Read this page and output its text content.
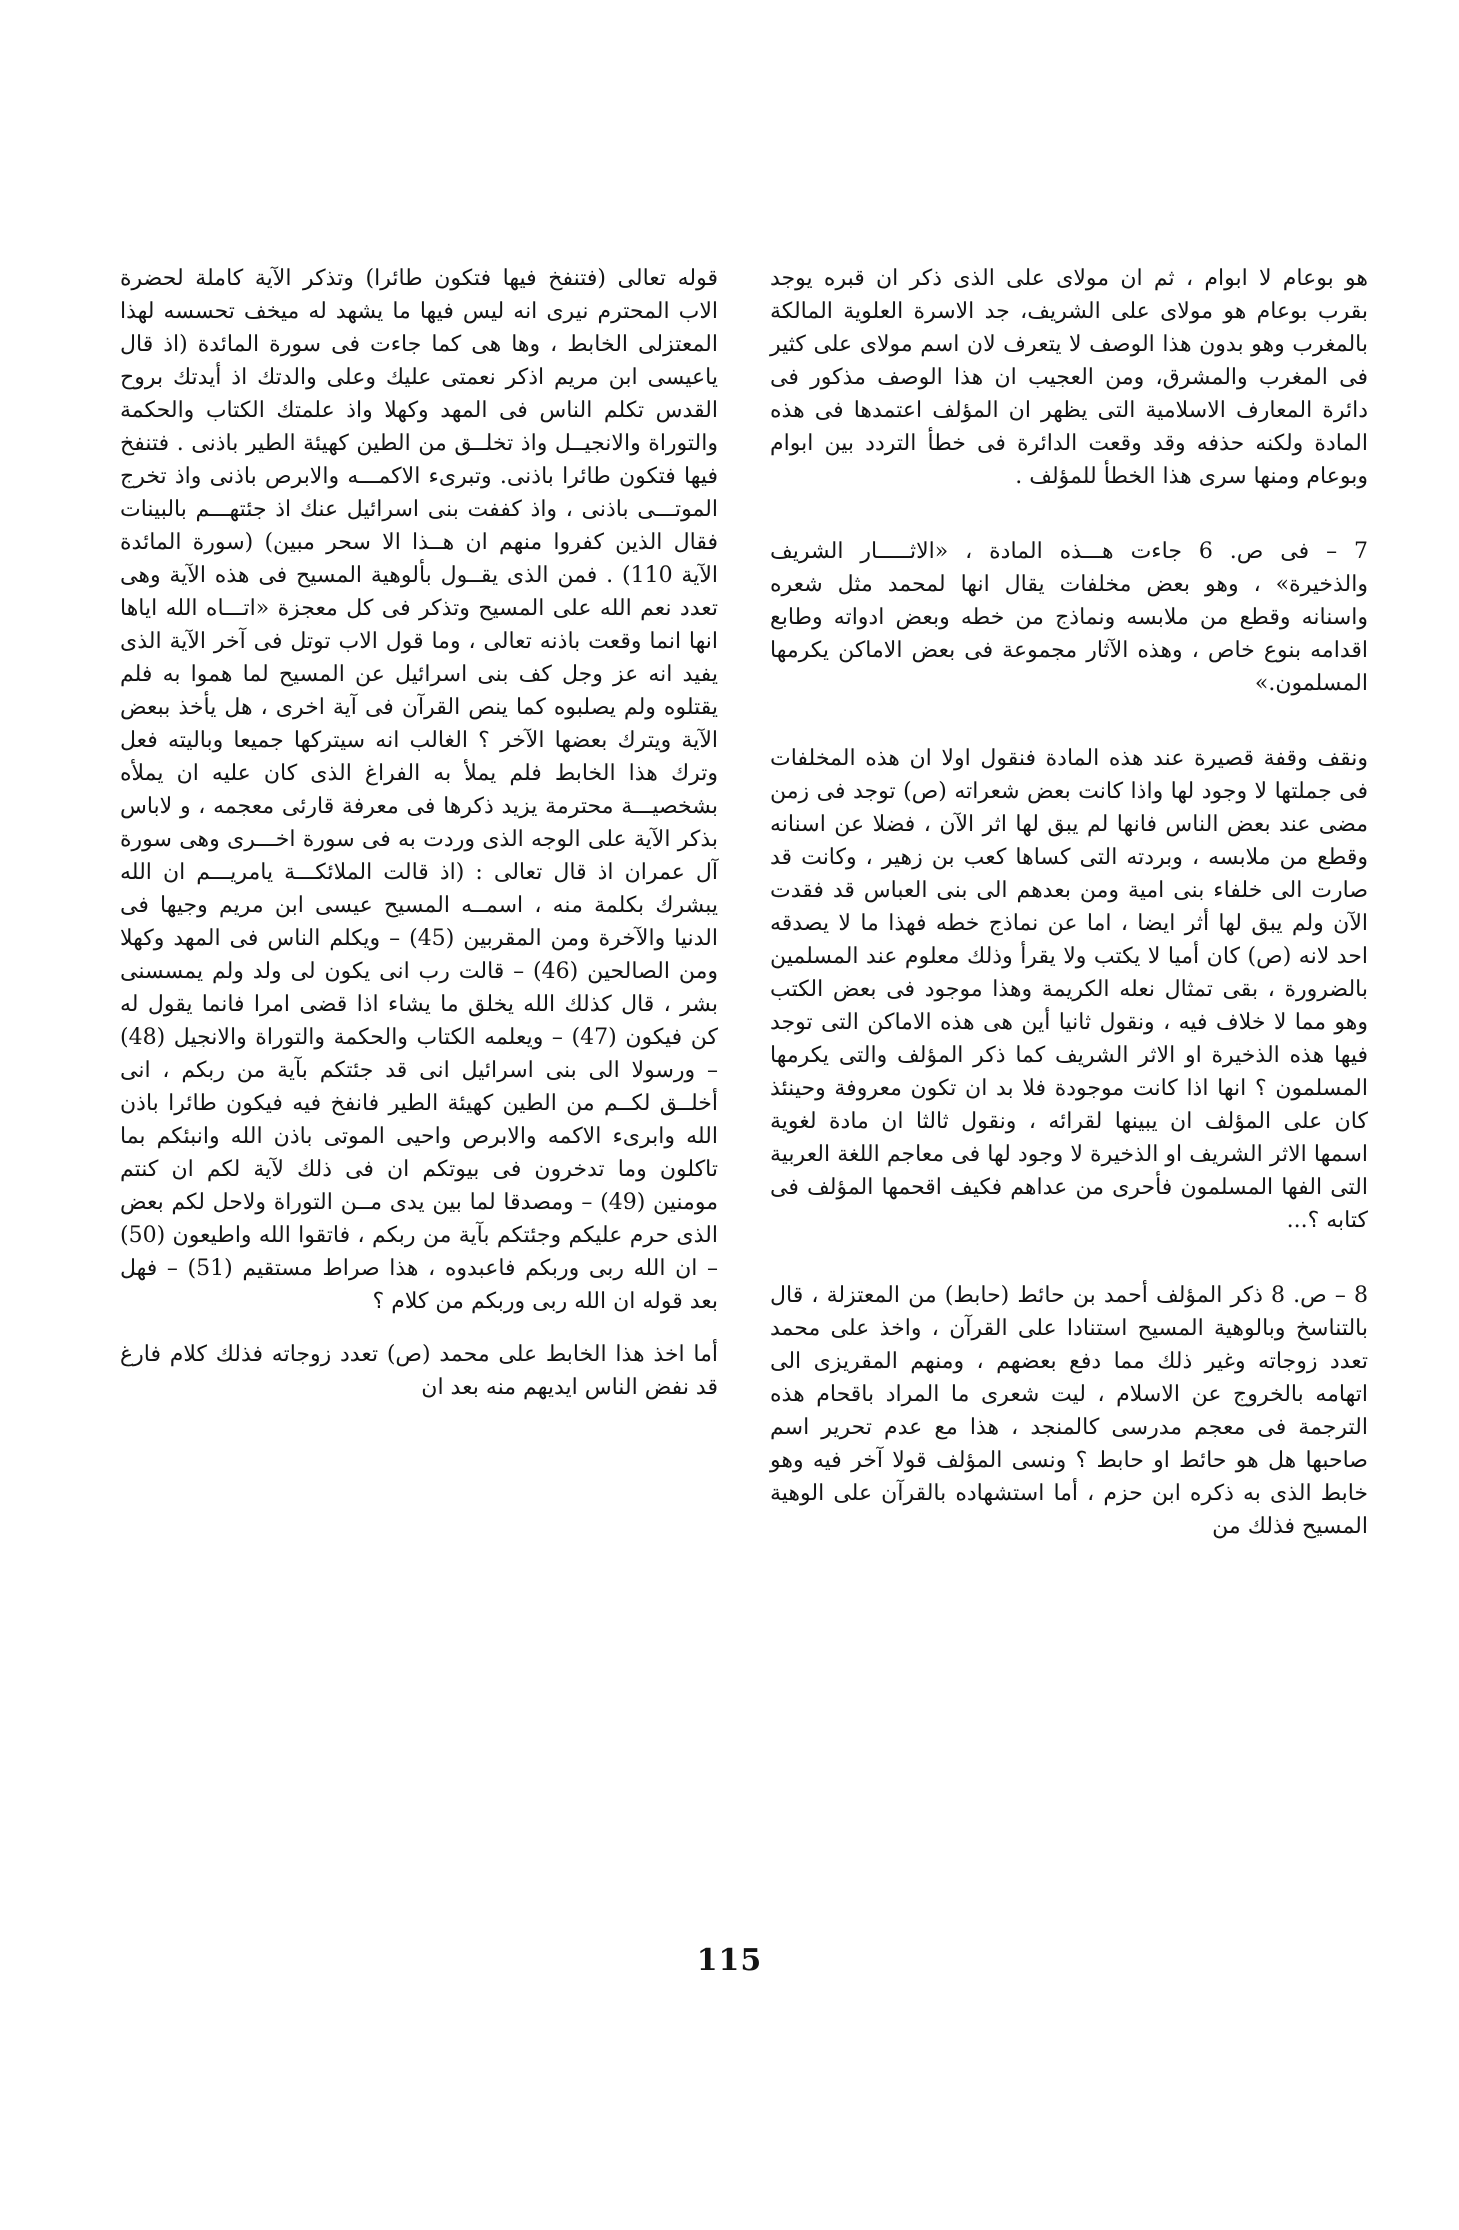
هو بوعام لا ابوام ، ثم ان مولاى على الذى ذكر ان قبره يوجد بقرب بوعام هو مولاى على الشريف، جد الاسرة العلوية المالكة بالمغرب وهو بدون هذا الوصف لا يتعرف لان اسم مولاى على كثير فى المغرب والمشرق، ومن العجيب ان هذا الوصف مذكور فى دائرة المعارف الاسلامية التى يظهر ان المؤلف اعتمدها فى هذه المادة ولكنه حذفه وقد وقعت الدائرة فى خطأ التردد بين ابوام وبوعام ومنها سرى هذا الخطأ للمؤلف .

7 – فى ص. 6 جاءت هـــذه المادة ، «الاثـــــار الشريف والذخيرة» ، وهو بعض مخلفات يقال انها لمحمد مثل شعره واسنانه وقطع من ملابسه ونماذج من خطه وبعض ادواته وطابع اقدامه بنوع خاص ، وهذه الآثار مجموعة فى بعض الاماكن يكرمها المسلمون.»

ونقف وقفة قصيرة عند هذه المادة فنقول اولا ان هذه المخلفات فى جملتها لا وجود لها واذا كانت بعض شعراته (ص) توجد فى زمن مضى عند بعض الناس فانها لم يبق لها اثر الآن ، فضلا عن اسنانه وقطع من ملابسه ، وبردته التى كساها كعب بن زهير ، وكانت قد صارت الى خلفاء بنى امية ومن بعدهم الى بنى العباس قد فقدت الآن ولم يبق لها أثر ايضا ، اما عن نماذج خطه فهذا ما لا يصدقه احد لانه (ص) كان أميا لا يكتب ولا يقرأ وذلك معلوم عند المسلمين بالضرورة ، بقى تمثال نعله الكريمة وهذا موجود فى بعض الكتب وهو مما لا خلاف فيه ، ونقول ثانيا أين هى هذه الاماكن التى توجد فيها هذه الذخيرة او الاثر الشريف كما ذكر المؤلف والتى يكرمها المسلمون ؟ انها اذا كانت موجودة فلا بد ان تكون معروفة وحينئذ كان على المؤلف ان يبينها لقرائه ، ونقول ثالثا ان مادة لغوية اسمها الاثر الشريف او الذخيرة لا وجود لها فى معاجم اللغة العربية التى الفها المسلمون فأحرى من عداهم فكيف اقحمها المؤلف فى كتابه ؟...

8 – ص. 8 ذكر المؤلف أحمد بن حائط (حابط) من المعتزلة ، قال بالتناسخ وبالوهية المسيح استنادا على القرآن ، واخذ على محمد تعدد زوجاته وغير ذلك مما دفع بعضهم ، ومنهم المقريزى الى اتهامه بالخروج عن الاسلام ، ليت شعرى ما المراد باقحام هذه الترجمة فى معجم مدرسى كالمنجد ، هذا مع عدم تحرير اسم صاحبها هل هو حائط او حابط ؟ ونسى المؤلف قولا آخر فيه وهو خابط الذى به ذكره ابن حزم ، أما استشهاده بالقرآن على الوهية المسيح فذلك من

قوله تعالى (فتنفخ فيها فتكون طائرا) وتذكر الآية كاملة لحضرة الاب المحترم نيرى انه ليس فيها ما يشهد له ميخف تحسسه لهذا المعتزلى الخابط ، وها هى كما جاءت فى سورة المائدة (اذ قال ياعيسى ابن مريم اذكر نعمتى عليك وعلى والدتك اذ أيدتك بروح القدس تكلم الناس فى المهد وكهلا واذ علمتك الكتاب والحكمة والتوراة والانجيــل واذ تخلــق من الطين كهيئة الطير باذنى . فتنفخ فيها فتكون طائرا باذنى. وتبرىء الاكمـــه والابرص باذنى واذ تخرج الموتـــى باذنى ، واذ كففت بنى اسرائيل عنك اذ جئتهـــم بالبينات فقال الذين كفروا منهم ان هــذا الا سحر مبين) (سورة المائدة الآية 110) . فمن الذى يقــول بألوهية المسيح فى هذه الآية وهى تعدد نعم الله على المسيح وتذكر فى كل معجزة «اتـــاه الله اياها انها انما وقعت باذنه تعالى ، وما قول الاب توتل فى آخر الآية الذى يفيد انه عز وجل كف بنى اسرائيل عن المسيح لما هموا به فلم يقتلوه ولم يصلبوه كما ينص القرآن فى آية اخرى ، هل يأخذ ببعض الآية ويترك بعضها الآخر ؟ الغالب انه سيتركها جميعا وباليته فعل وترك هذا الخابط فلم يملأ به الفراغ الذى كان عليه ان يملأه بشخصيـــة محترمة يزيد ذكرها فى معرفة قارئى معجمه ، و لاباس بذكر الآية على الوجه الذى وردت به فى سورة اخـــرى وهى سورة آل عمران اذ قال تعالى : (اذ قالت الملائكـــة يامريـــم ان الله يبشرك بكلمة منه ، اسمــه المسيح عيسى ابن مريم وجيها فى الدنيا والآخرة ومن المقربين (45) – ويكلم الناس فى المهد وكهلا ومن الصالحين (46) – قالت رب انى يكون لى ولد ولم يمسسنى بشر ، قال كذلك الله يخلق ما يشاء اذا قضى امرا فانما يقول له كن فيكون (47) – ويعلمه الكتاب والحكمة والتوراة والانجيل (48) – ورسولا الى بنى اسرائيل انى قد جئتكم بآية من ربكم ، انى أخلــق لكــم من الطين كهيئة الطير فانفخ فيه فيكون طائرا باذن الله وابرىء الاكمه والابرص واحيى الموتى باذن الله وانبئكم بما تاكلون وما تدخرون فى بيوتكم ان فى ذلك لآية لكم ان كنتم مومنين (49) – ومصدقا لما بين يدى مــن التوراة ولاحل لكم بعض الذى حرم عليكم وجئتكم بآية من ربكم ، فاتقوا الله واطيعون (50) – ان الله ربى وربكم فاعبدوه ، هذا صراط مستقيم (51) – فهل بعد قوله ان الله ربى وربكم من كلام ؟

أما اخذ هذا الخابط على محمد (ص) تعدد زوجاته فذلك كلام فارغ قد نفض الناس ايديهم منه بعد ان

115
